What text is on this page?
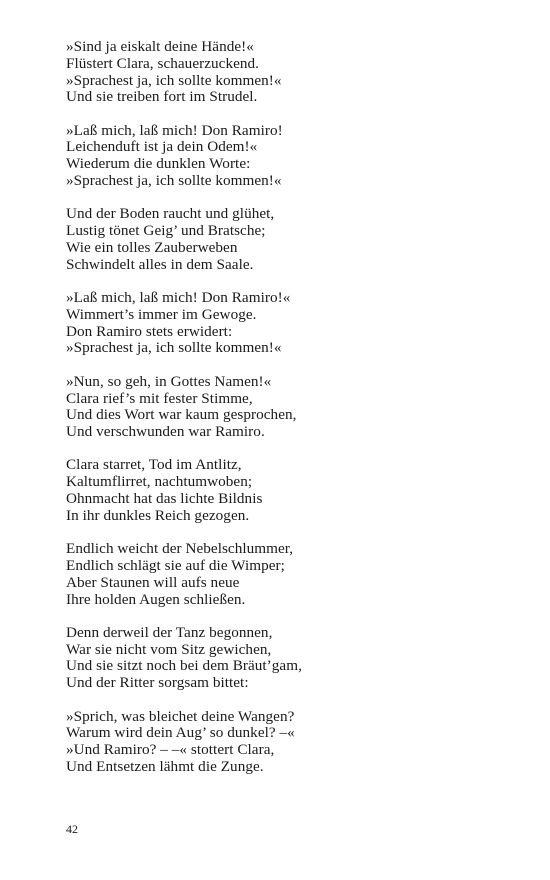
»Sind ja eiskalt deine Hände!«
Flüstert Clara, schauerzuckend.
»Sprachest ja, ich sollte kommen!«
Und sie treiben fort im Strudel.
»Laß mich, laß mich! Don Ramiro!
Leichenduft ist ja dein Odem!«
Wiederum die dunklen Worte:
»Sprachest ja, ich sollte kommen!«
Und der Boden raucht und glühet,
Lustig tönet Geig’ und Bratsche;
Wie ein tolles Zauberweben
Schwindelt alles in dem Saale.
»Laß mich, laß mich! Don Ramiro!«
Wimmert’s immer im Gewoge.
Don Ramiro stets erwidert:
»Sprachest ja, ich sollte kommen!«
»Nun, so geh, in Gottes Namen!«
Clara rief’s mit fester Stimme,
Und dies Wort war kaum gesprochen,
Und verschwunden war Ramiro.
Clara starret, Tod im Antlitz,
Kaltumflirret, nachtumwoben;
Ohnmacht hat das lichte Bildnis
In ihr dunkles Reich gezogen.
Endlich weicht der Nebelschlummer,
Endlich schlägt sie auf die Wimper;
Aber Staunen will aufs neue
Ihre holden Augen schließen.
Denn derweil der Tanz begonnen,
War sie nicht vom Sitz gewichen,
Und sie sitzt noch bei dem Bräut’gam,
Und der Ritter sorgsam bittet:
»Sprich, was bleichet deine Wangen?
Warum wird dein Aug’ so dunkel? –«
»Und Ramiro? – –« stottert Clara,
Und Entsetzen lähmt die Zunge.
42
